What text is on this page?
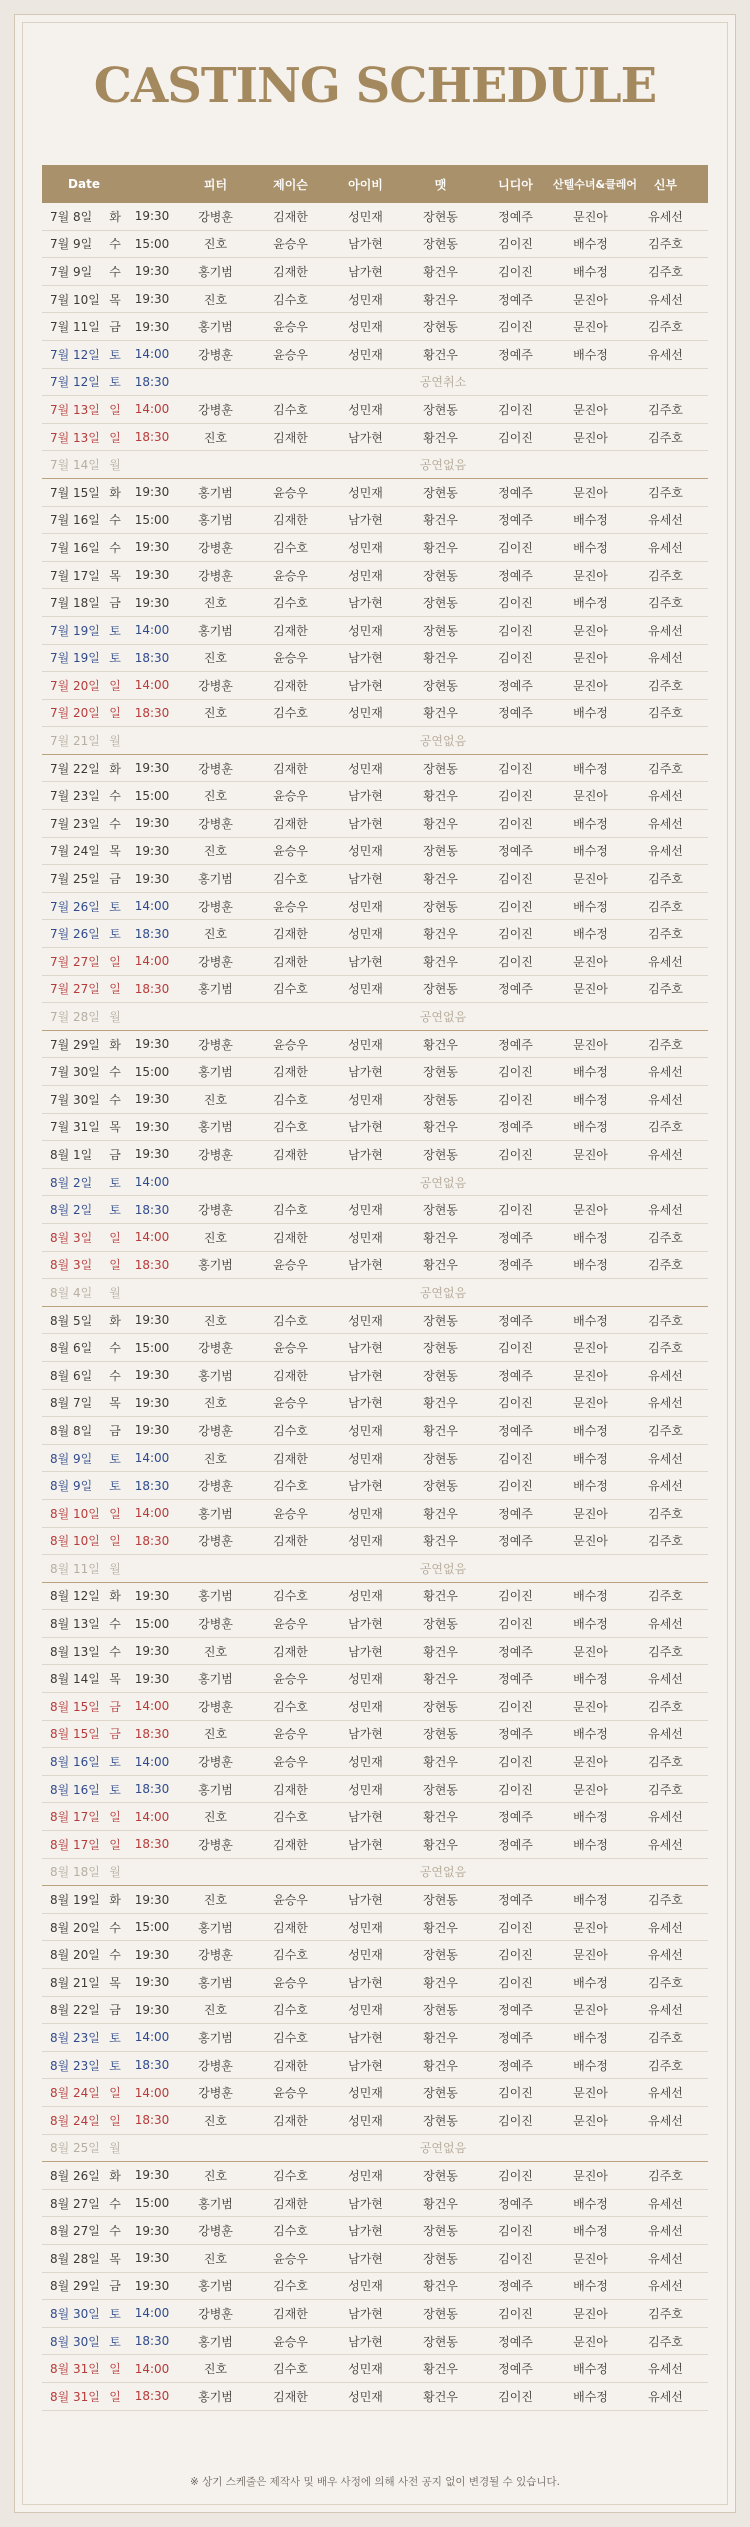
CASTING SCHEDULE
Date	피터	제이슨	아이비	맷	니디아	산텔수녀&클레어	신부
7월 8일	화	19:30	강병훈	김재한	성민재	장현동	정예주	문진아	유세선
7월 9일	수	15:00	진호	윤승우	남가현	장현동	김이진	배수정	김주호
7월 9일	수	19:30	홍기범	김재한	남가현	황건우	김이진	배수정	김주호
7월 10일 목	19:30	진호	김수호	성민재	황건우	정예주	문진아	유세선
7월 11일 금	19:30	홍기범	윤승우	성민재	장현동	김이진	문진아	김주호
7월 12일 토	14:00	강병훈	윤승우	성민재	황건우	정예주	배수정	유세선
7월 12일 토	18:30	공연취소
7월 13일 일	14:00	강병훈	김수호	성민재	장현동	김이진	문진아	김주호
7월 13일 일	18:30	진호	김재한	남가현	황건우	김이진	문진아	김주호
7월 14일 월	공연없음
7월 15일 화	19:30	홍기범	윤승우	성민재	장현동	정예주	문진아	김주호
7월 16일 수	15:00	홍기범	김재한	남가현	황건우	정예주	배수정	유세선
7월 16일 수	19:30	강병훈	김수호	성민재	황건우	김이진	배수정	유세선
7월 17일 목	19:30	강병훈	윤승우	성민재	장현동	정예주	문진아	김주호
7월 18일 금	19:30	진호	김수호	남가현	장현동	김이진	배수정	김주호
7월 19일 토	14:00	홍기범	김재한	성민재	장현동	김이진	문진아	유세선
7월 19일 토	18:30	진호	윤승우	남가현	황건우	김이진	문진아	유세선
7월 20일 일	14:00	강병훈	김재한	남가현	장현동	정예주	문진아	김주호
7월 20일 일	18:30	진호	김수호	성민재	황건우	정예주	배수정	김주호
7월 21일 월	공연없음
7월 22일 화	19:30	강병훈	김재한	성민재	장현동	김이진	배수정	김주호
7월 23일 수	15:00	진호	윤승우	남가현	황건우	김이진	문진아	유세선
7월 23일 수	19:30	강병훈	김재한	남가현	황건우	김이진	배수정	유세선
7월 24일 목	19:30	진호	윤승우	성민재	장현동	정예주	배수정	유세선
7월 25일 금	19:30	홍기범	김수호	남가현	황건우	김이진	문진아	김주호
7월 26일 토	14:00	강병훈	윤승우	성민재	장현동	김이진	배수정	김주호
7월 26일 토	18:30	진호	김재한	성민재	황건우	김이진	배수정	김주호
7월 27일 일	14:00	강병훈	김재한	남가현	황건우	김이진	문진아	유세선
7월 27일 일	18:30	홍기범	김수호	성민재	장현동	정예주	문진아	김주호
7월 28일 월	공연없음
7월 29일 화	19:30	강병훈	윤승우	성민재	황건우	정예주	문진아	김주호
7월 30일 수	15:00	홍기범	김재한	남가현	장현동	김이진	배수정	유세선
7월 30일 수	19:30	진호	김수호	성민재	장현동	김이진	배수정	유세선
7월 31일 목	19:30	홍기범	김수호	남가현	황건우	정예주	배수정	김주호
8월 1일	금	19:30	강병훈	김재한	남가현	장현동	김이진	문진아	유세선
8월 2일	토	14:00	공연없음
8월 2일	토	18:30	강병훈	김수호	성민재	장현동	김이진	문진아	유세선
8월 3일	일	14:00	진호	김재한	성민재	황건우	정예주	배수정	김주호
8월 3일	일	18:30	홍기범	윤승우	남가현	황건우	정예주	배수정	김주호
8월 4일	월	공연없음
8월 5일	화	19:30	진호	김수호	성민재	장현동	정예주	배수정	김주호
8월 6일	수	15:00	강병훈	윤승우	남가현	장현동	김이진	문진아	김주호
8월 6일	수	19:30	홍기범	김재한	남가현	장현동	정예주	문진아	유세선
8월 7일	목	19:30	진호	윤승우	남가현	황건우	김이진	문진아	유세선
8월 8일	금	19:30	강병훈	김수호	성민재	황건우	정예주	배수정	김주호
8월 9일	토	14:00	진호	김재한	성민재	장현동	김이진	배수정	유세선
8월 9일	토	18:30	강병훈	김수호	남가현	장현동	김이진	배수정	유세선
8월 10일 일	14:00	홍기범	윤승우	성민재	황건우	정예주	문진아	김주호
8월 10일 일	18:30	강병훈	김재한	성민재	황건우	정예주	문진아	김주호
8월 11일 월	공연없음
8월 12일 화	19:30	홍기범	김수호	성민재	황건우	김이진	배수정	김주호
8월 13일 수	15:00	강병훈	윤승우	남가현	장현동	김이진	배수정	유세선
8월 13일 수	19:30	진호	김재한	남가현	황건우	정예주	문진아	김주호
8월 14일 목	19:30	홍기범	윤승우	성민재	황건우	정예주	배수정	유세선
8월 15일 금	14:00	강병훈	김수호	성민재	장현동	김이진	문진아	김주호
8월 15일 금	18:30	진호	윤승우	남가현	장현동	정예주	배수정	유세선
8월 16일 토	14:00	강병훈	윤승우	성민재	황건우	김이진	문진아	김주호
8월 16일 토	18:30	홍기범	김재한	성민재	장현동	김이진	문진아	김주호
8월 17일 일	14:00	진호	김수호	남가현	황건우	정예주	배수정	유세선
8월 17일 일	18:30	강병훈	김재한	남가현	황건우	정예주	배수정	유세선
8월 18일 월	공연없음
8월 19일 화	19:30	진호	윤승우	남가현	장현동	정예주	배수정	김주호
8월 20일 수	15:00	홍기범	김재한	성민재	황건우	김이진	문진아	유세선
8월 20일 수	19:30	강병훈	김수호	성민재	장현동	김이진	문진아	유세선
8월 21일 목	19:30	홍기범	윤승우	남가현	황건우	김이진	배수정	김주호
8월 22일 금	19:30	진호	김수호	성민재	장현동	정예주	문진아	유세선
8월 23일 토	14:00	홍기범	김수호	남가현	황건우	정예주	배수정	김주호
8월 23일 토	18:30	강병훈	김재한	남가현	황건우	정예주	배수정	김주호
8월 24일 일	14:00	강병훈	윤승우	성민재	장현동	김이진	문진아	유세선
8월 24일 일	18:30	진호	김재한	성민재	장현동	김이진	문진아	유세선
8월 25일 월	공연없음
8월 26일 화	19:30	진호	김수호	성민재	장현동	김이진	문진아	김주호
8월 27일 수	15:00	홍기범	김재한	남가현	황건우	정예주	배수정	유세선
8월 27일 수	19:30	강병훈	김수호	남가현	장현동	김이진	배수정	유세선
8월 28일 목	19:30	진호	윤승우	남가현	장현동	김이진	문진아	유세선
8월 29일 금	19:30	홍기범	김수호	성민재	황건우	정예주	배수정	유세선
8월 30일 토	14:00	강병훈	김재한	남가현	장현동	김이진	문진아	김주호
8월 30일 토	18:30	홍기범	윤승우	남가현	장현동	정예주	문진아	김주호
8월 31일 일	14:00	진호	김수호	성민재	황건우	정예주	배수정	유세선
8월 31일 일	18:30	홍기범	김재한	성민재	황건우	김이진	배수정	유세선
※ 상기 스케줄은 제작사 및 배우 사정에 의해 사전 공지 없이 변경될 수 있습니다.
